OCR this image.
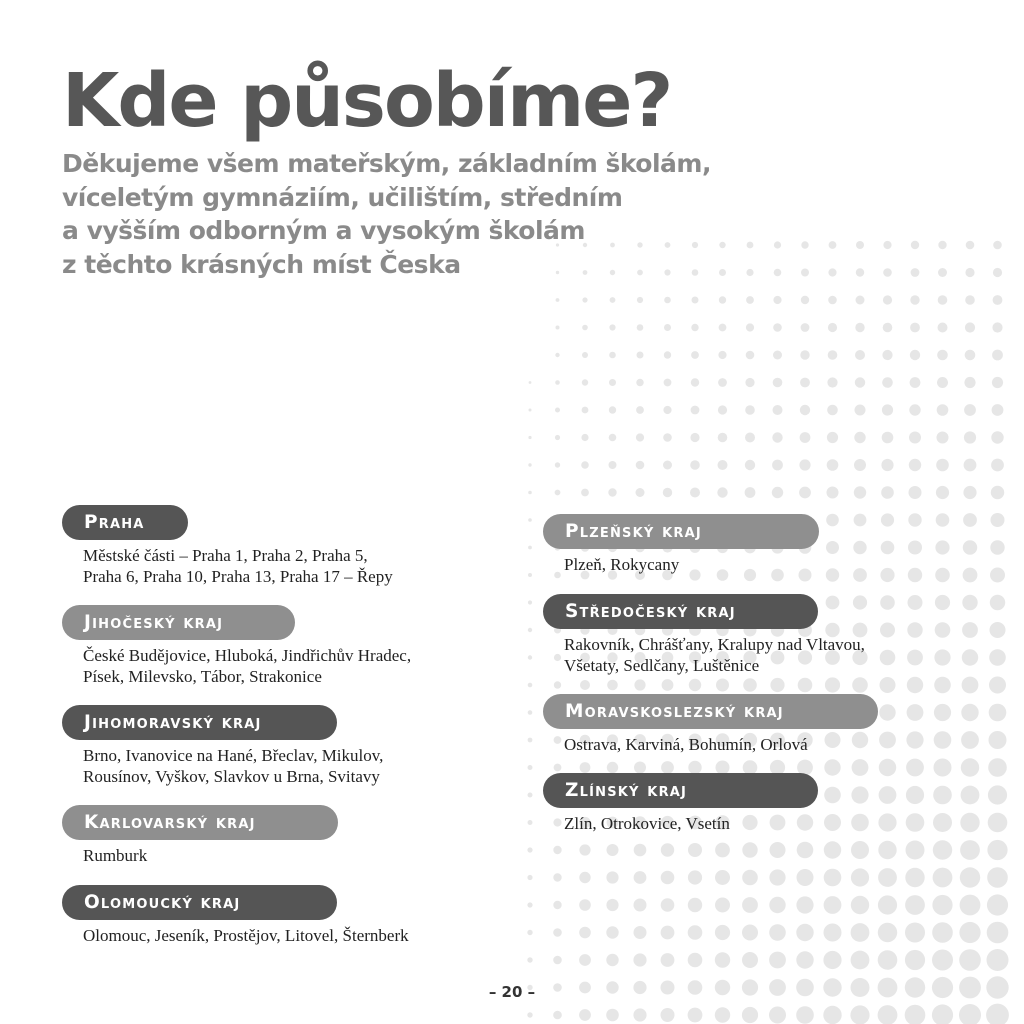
Kde působíme?
Děkujeme všem mateřským, základním školám,
víceletým gymnáziím, učilištím, středním
a vyšším odborným a vysokým školám
z těchto krásných míst Česka
Praha
Městské části – Praha 1, Praha 2, Praha 5,
Praha 6, Praha 10, Praha 13, Praha 17 – Řepy
Jihočeský kraj
České Budějovice, Hluboká, Jindřichův Hradec,
Písek, Milevsko, Tábor, Strakonice
Jihomoravský kraj
Brno, Ivanovice na Hané, Břeclav, Mikulov,
Rousínov, Vyškov, Slavkov u Brna, Svitavy
Karlovarský kraj
Rumburk
Olomoucký kraj
Olomouc, Jeseník, Prostějov, Litovel, Šternberk
Plzeňský kraj
Plzeň, Rokycany
Středočeský kraj
Rakovník, Chrášťany, Kralupy nad Vltavou,
Všetaty, Sedlčany, Luštěnice
Moravskoslezský kraj
Ostrava, Karviná, Bohumín, Orlová
Zlínský kraj
Zlín, Otrokovice, Vsetín
– 20 –
